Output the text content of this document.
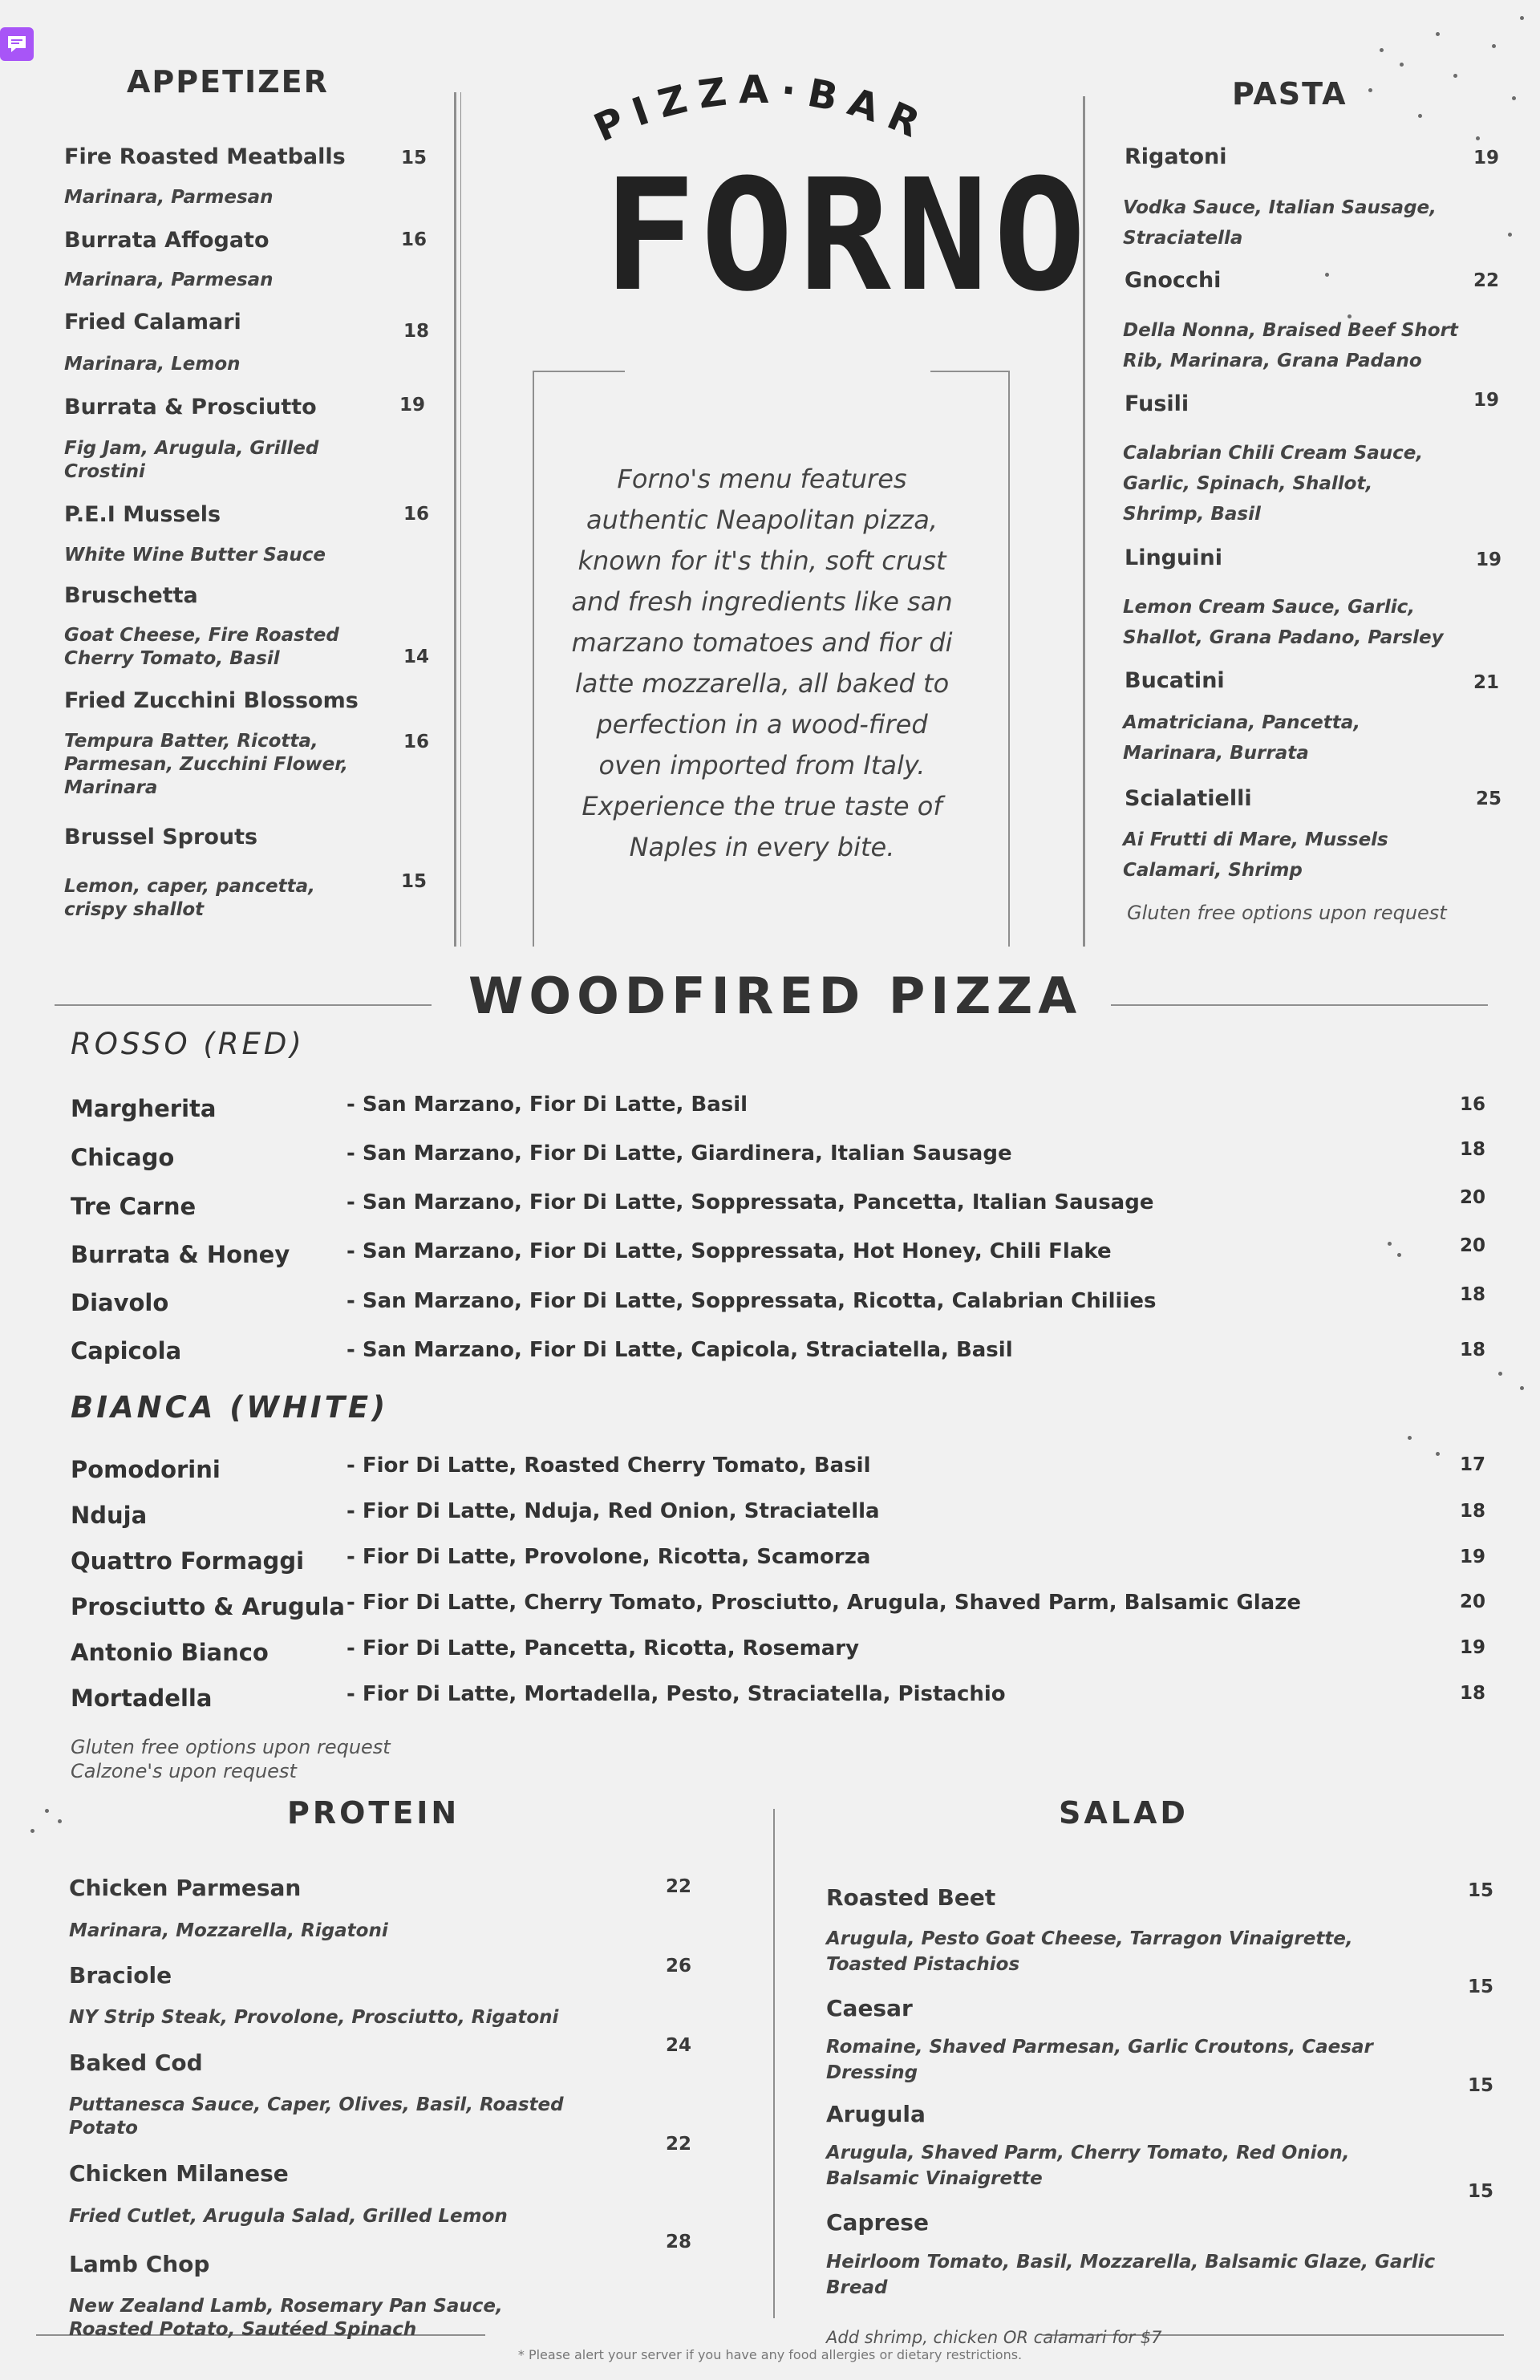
APPETIZER
Fire Roasted Meatballs
Marinara, Parmesan
15
Burrata Affogato
Marinara, Parmesan
16
Fried Calamari
Marinara, Lemon
18
Burrata & Prosciutto
Fig Jam, Arugula, Grilled Crostini
19
P.E.I Mussels
White Wine Butter Sauce
16
Bruschetta
Goat Cheese, Fire Roasted Cherry Tomato, Basil	14
Fried Zucchini Blossoms
Tempura Batter, Ricotta, Parmesan, Zucchini Flower, Marinara
16
Brussel Sprouts
Lemon, caper, pancetta, crispy shallot
15
PIZZA·BAR
FORNO
Forno's menu features authentic Neapolitan pizza, known for it's thin, soft crust and fresh ingredients like san marzano tomatoes and fior di latte mozzarella, all baked to perfection in a wood-fired oven imported from Italy. Experience the true taste of Naples in every bite.
PASTA
Rigatoni
Vodka Sauce, Italian Sausage, Straciatella
19
Gnocchi
Della Nonna, Braised Beef Short Rib, Marinara, Grana Padano
22
Fusili
Calabrian Chili Cream Sauce, Garlic, Spinach, Shallot, Shrimp, Basil
19
Linguini
Lemon Cream Sauce, Garlic, Shallot, Grana Padano, Parsley
19
Bucatini
Amatriciana, Pancetta, Marinara, Burrata
21
Scialatielli
Ai Frutti di Mare, Mussels Calamari, Shrimp
25
Gluten free options upon request
WOODFIRED PIZZA
ROSSO (RED)
Margherita	- San Marzano, Fior Di Latte, Basil	16
Chicago	- San Marzano, Fior Di Latte, Giardinera, Italian Sausage	18
Tre Carne	- San Marzano, Fior Di Latte, Soppressata, Pancetta, Italian Sausage	20
Burrata & Honey	- San Marzano, Fior Di Latte, Soppressata, Hot Honey, Chili Flake	20
Diavolo	- San Marzano, Fior Di Latte, Soppressata, Ricotta, Calabrian Chiliies	18
Capicola	- San Marzano, Fior Di Latte, Capicola, Straciatella, Basil	18
BIANCA (WHITE)
Pomodorini	- Fior Di Latte, Roasted Cherry Tomato, Basil	17
Nduja	- Fior Di Latte, Nduja, Red Onion, Straciatella	18
Quattro Formaggi - Fior Di Latte, Provolone, Ricotta, Scamorza	19
Prosciutto & Arugula - Fior Di Latte, Cherry Tomato, Prosciutto, Arugula, Shaved Parm, Balsamic Glaze	20
Antonio Bianco	- Fior Di Latte, Pancetta, Ricotta, Rosemary	19
Mortadella	- Fior Di Latte, Mortadella, Pesto, Straciatella, Pistachio	18
Gluten free options upon request
Calzone's upon request
PROTEIN
Chicken Parmesan
Marinara, Mozzarella, Rigatoni
22
Braciole
NY Strip Steak, Provolone, Prosciutto, Rigatoni
26
Baked Cod
Puttanesca Sauce, Caper, Olives, Basil, Roasted Potato
24
Chicken Milanese
Fried Cutlet, Arugula Salad, Grilled Lemon
22
Lamb Chop
New Zealand Lamb, Rosemary Pan Sauce, Roasted Potato, Sautéed Spinach
28
SALAD
Roasted Beet
Arugula, Pesto Goat Cheese, Tarragon Vinaigrette, Toasted Pistachios
15
Caesar
Romaine, Shaved Parmesan, Garlic Croutons, Caesar Dressing
15
Arugula
Arugula, Shaved Parm, Cherry Tomato, Red Onion, Balsamic Vinaigrette
15
Caprese
Heirloom Tomato, Basil, Mozzarella, Balsamic Glaze, Garlic Bread
15
Add shrimp, chicken OR calamari for $7
* Please alert your server if you have any food allergies or dietary restrictions.
